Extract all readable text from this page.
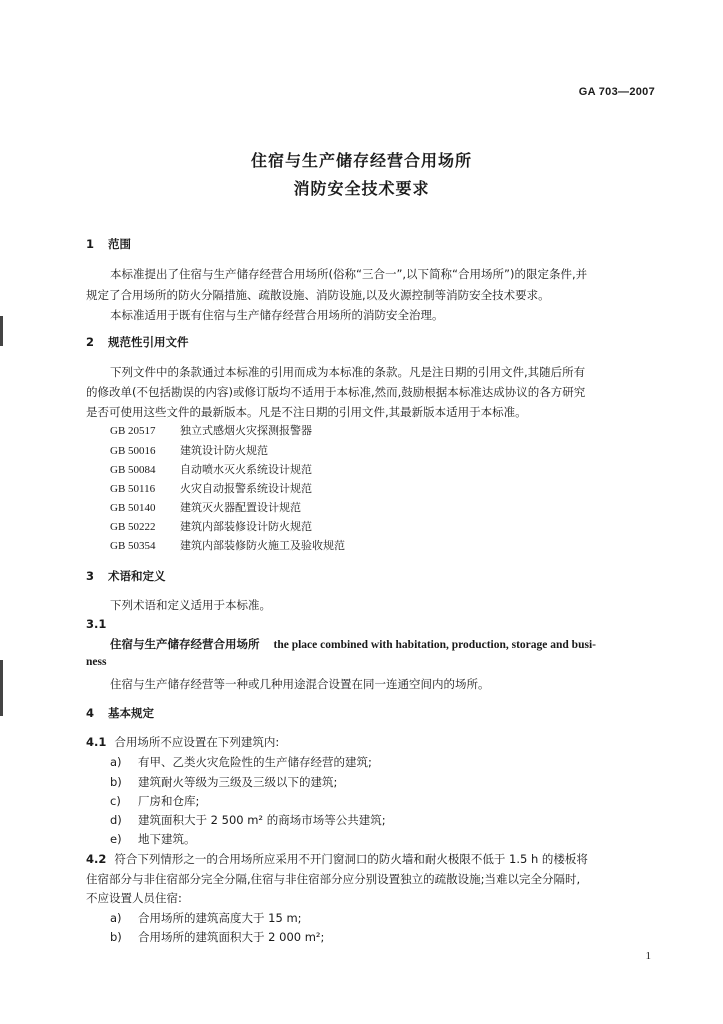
GA 703—2007
住宿与生产储存经营合用场所
消防安全技术要求
1 范围
本标准提出了住宿与生产储存经营合用场所(俗称“三合一”,以下简称“合用场所”)的限定条件,并
规定了合用场所的防火分隔措施、疏散设施、消防设施,以及火源控制等消防安全技术要求。
本标准适用于既有住宿与生产储存经营合用场所的消防安全治理。
2 规范性引用文件
下列文件中的条款通过本标准的引用而成为本标准的条款。凡是注日期的引用文件,其随后所有
的修改单(不包括勘误的内容)或修订版均不适用于本标准,然而,鼓励根据本标准达成协议的各方研究
是否可使用这些文件的最新版本。凡是不注日期的引用文件,其最新版本适用于本标准。
GB 20517 独立式感烟火灾探测报警器
GB 50016 建筑设计防火规范
GB 50084 自动喷水灭火系统设计规范
GB 50116 火灾自动报警系统设计规范
GB 50140 建筑灭火器配置设计规范
GB 50222 建筑内部装修设计防火规范
GB 50354 建筑内部装修防火施工及验收规范
3 术语和定义
下列术语和定义适用于本标准。
3.1
住宿与生产储存经营合用场所 the place combined with habitation, production, storage and busi-
ness
住宿与生产储存经营等一种或几种用途混合设置在同一连通空间内的场所。
4 基本规定
4.1 合用场所不应设置在下列建筑内:
a) 有甲、乙类火灾危险性的生产储存经营的建筑;
b) 建筑耐火等级为三级及三级以下的建筑;
c) 厂房和仓库;
d) 建筑面积大于 2 500 m² 的商场市场等公共建筑;
e) 地下建筑。
4.2 符合下列情形之一的合用场所应采用不开门窗洞口的防火墙和耐火极限不低于 1.5 h 的楼板将
住宿部分与非住宿部分完全分隔,住宿与非住宿部分应分别设置独立的疏散设施;当难以完全分隔时,
不应设置人员住宿:
a) 合用场所的建筑高度大于 15 m;
b) 合用场所的建筑面积大于 2 000 m²;
1
